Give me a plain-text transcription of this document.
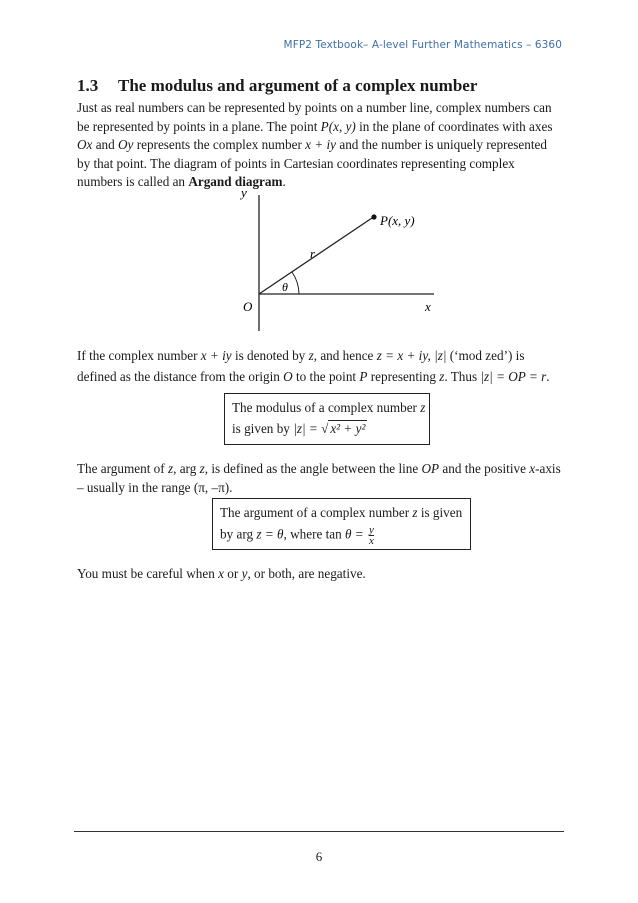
MFP2 Textbook– A-level Further Mathematics – 6360
1.3 The modulus and argument of a complex number
Just as real numbers can be represented by points on a number line, complex numbers can be represented by points in a plane. The point P(x, y) in the plane of coordinates with axes Ox and Oy represents the complex number x + iy and the number is uniquely represented by that point. The diagram of points in Cartesian coordinates representing complex numbers is called an Argand diagram.
y
x
O
P(x, y)
r
θ
If the complex number x + iy is denoted by z, and hence z = x + iy, |z| (‘mod zed’) is defined as the distance from the origin O to the point P representing z. Thus |z| = OP = r.
The modulus of a complex number z
is given by |z| = √ x² + y²
The argument of z, arg z, is defined as the angle between the line OP and the positive x-axis – usually in the range (π, –π).
The argument of a complex number z is given
by arg z = θ, where $\tan \theta = \frac{y}{x}$
You must be careful when x or y, or both, are negative.
6
